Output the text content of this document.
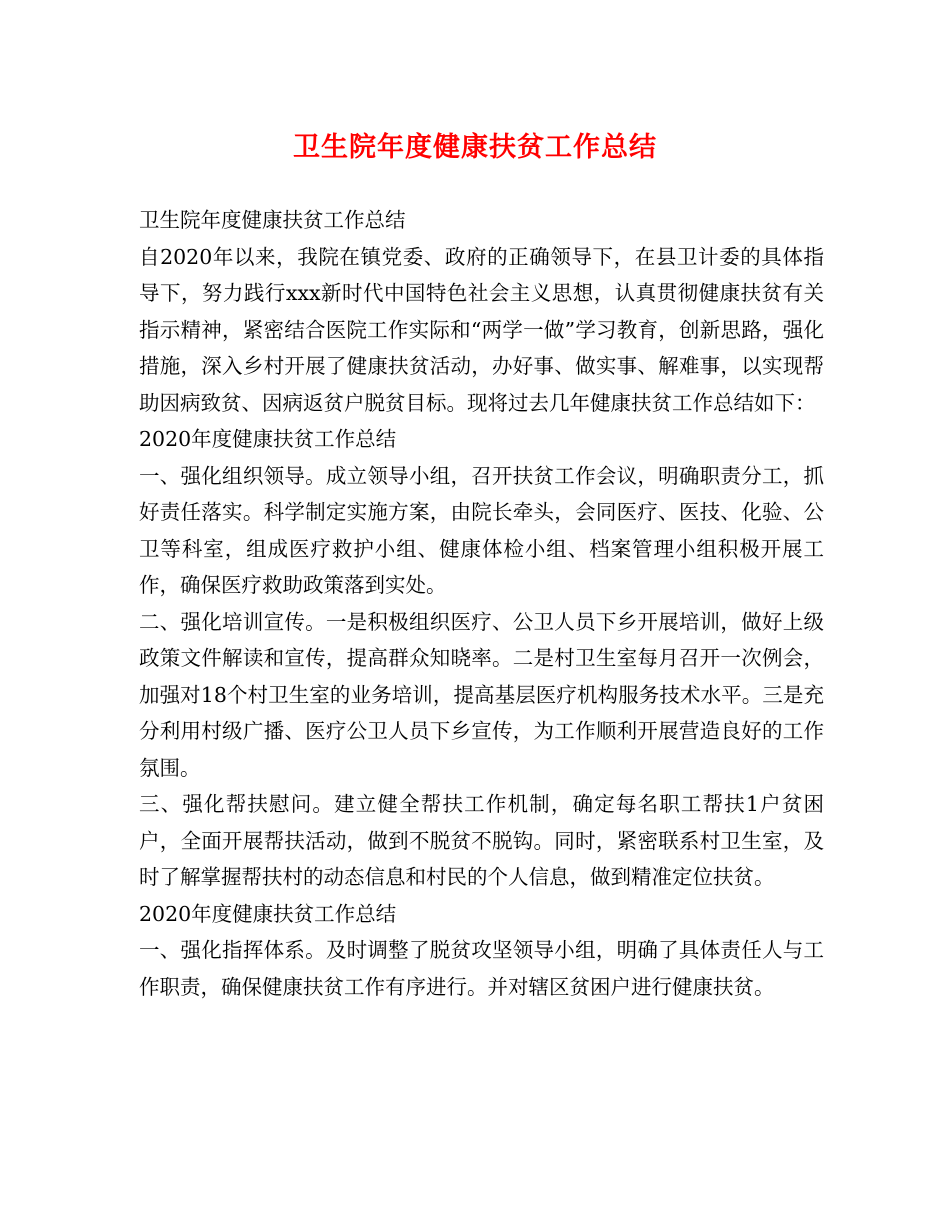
卫生院年度健康扶贫工作总结

卫生院年度健康扶贫工作总结

自2020年以来，我院在镇党委、政府的正确领导下，在县卫计委的具体指导下，努力践行xxx新时代中国特色社会主义思想，认真贯彻健康扶贫有关指示精神，紧密结合医院工作实际和“两学一做”学习教育，创新思路，强化措施，深入乡村开展了健康扶贫活动，办好事、做实事、解难事，以实现帮助因病致贫、因病返贫户脱贫目标。现将过去几年健康扶贫工作总结如下：

2020年度健康扶贫工作总结

一、强化组织领导。成立领导小组，召开扶贫工作会议，明确职责分工，抓好责任落实。科学制定实施方案，由院长牵头，会同医疗、医技、化验、公卫等科室，组成医疗救护小组、健康体检小组、档案管理小组积极开展工作，确保医疗救助政策落到实处。

二、强化培训宣传。一是积极组织医疗、公卫人员下乡开展培训，做好上级政策文件解读和宣传，提高群众知晓率。二是村卫生室每月召开一次例会，加强对18个村卫生室的业务培训，提高基层医疗机构服务技术水平。三是充分利用村级广播、医疗公卫人员下乡宣传，为工作顺利开展营造良好的工作氛围。

三、强化帮扶慰问。建立健全帮扶工作机制，确定每名职工帮扶1户贫困户，全面开展帮扶活动，做到不脱贫不脱钩。同时，紧密联系村卫生室，及时了解掌握帮扶村的动态信息和村民的个人信息，做到精准定位扶贫。

2020年度健康扶贫工作总结

一、强化指挥体系。及时调整了脱贫攻坚领导小组，明确了具体责任人与工作职责，确保健康扶贫工作有序进行。并对辖区贫困户进行健康扶贫。
